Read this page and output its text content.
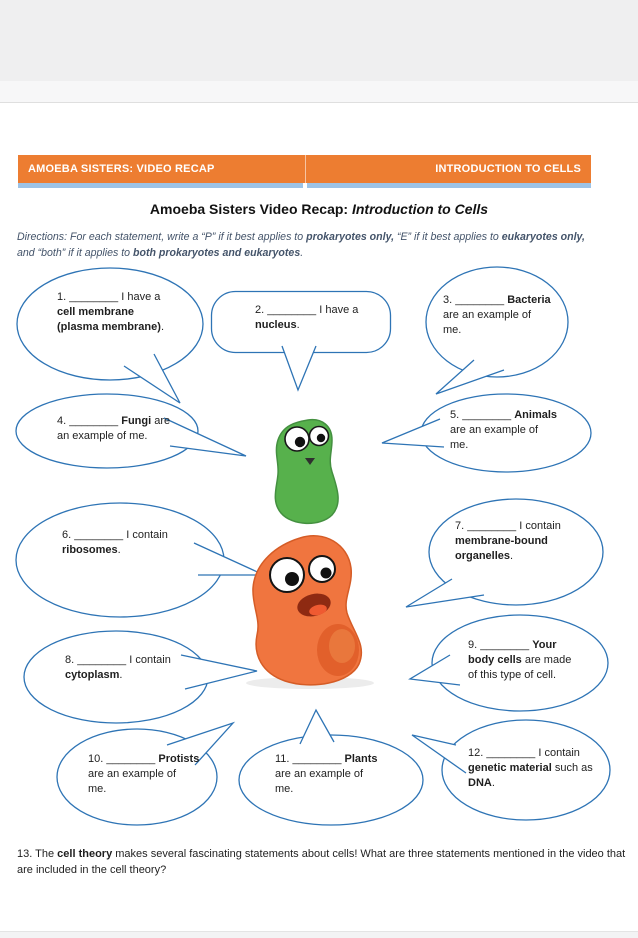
AMOEBA SISTERS: VIDEO RECAP	INTRODUCTION TO CELLS
Amoeba Sisters Video Recap: Introduction to Cells
Directions: For each statement, write a “P” if it best applies to prokaryotes only, “E” if it best applies to eukaryotes only,
and “both” if it applies to both prokaryotes and eukaryotes.
1. ________ I have a
cell membrane
(plasma membrane).
2. ________ I have a
nucleus.
3. ________ Bacteria
are an example of
me.
4. ________ Fungi are
an example of me.
5. ________ Animals
are an example of
me.
6. ________ I contain
ribosomes.
7. ________ I contain
membrane-bound
organelles.
8. ________ I contain
cytoplasm.
9. ________ Your
body cells are made
of this type of cell.
10. ________ Protists
are an example of
me.
11. ________ Plants
are an example of
me.
12. ________ I contain
genetic material such as
DNA.
13. The cell theory makes several fascinating statements about cells! What are three statements mentioned in the video that
are included in the cell theory?
